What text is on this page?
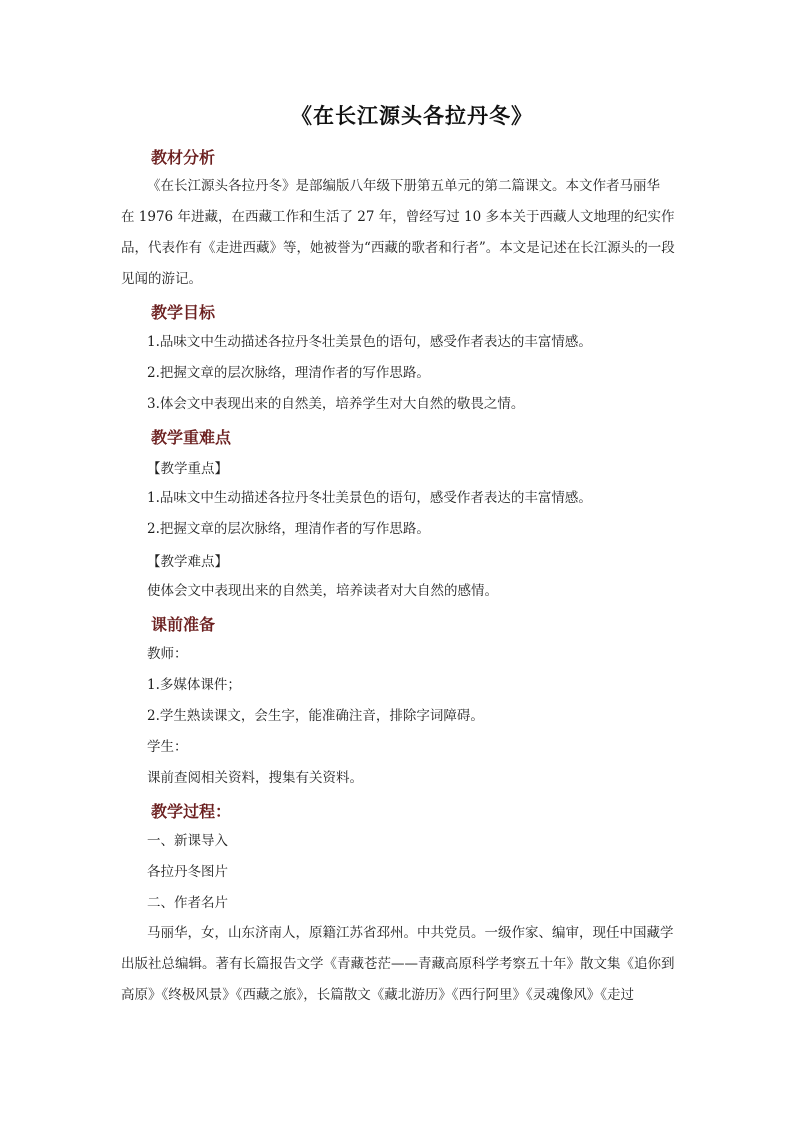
《在长江源头各拉丹冬》
教材分析
《在长江源头各拉丹冬》是部编版八年级下册第五单元的第二篇课文。本文作者马丽华 在 1976 年进藏，在西藏工作和生活了 27 年，曾经写过 10 多本关于西藏人文地理的纪实作品，代表作有《走进西藏》等，她被誉为“西藏的歌者和行者”。本文是记述在长江源头的一段见闻的游记。
教学目标
1.品味文中生动描述各拉丹冬壮美景色的语句，感受作者表达的丰富情感。
2.把握文章的层次脉络，理清作者的写作思路。
3.体会文中表现出来的自然美，培养学生对大自然的敬畏之情。
教学重难点
【教学重点】
1.品味文中生动描述各拉丹冬壮美景色的语句，感受作者表达的丰富情感。
2.把握文章的层次脉络，理清作者的写作思路。
【教学难点】
使体会文中表现出来的自然美，培养读者对大自然的感情。
课前准备
教师：
1.多媒体课件；
2.学生熟读课文，会生字，能准确注音，排除字词障碍。
学生：
课前查阅相关资料，搜集有关资料。
教学过程：
一、新课导入
各拉丹冬图片
二、作者名片
马丽华，女，山东济南人，原籍江苏省邳州。中共党员。一级作家、编审，现任中国藏学出版社总编辑。著有长篇报告文学《青藏苍茫——青藏高原科学考察五十年》散文集《追你到高原》《终极风景》《西藏之旅》，长篇散文《藏北游历》《西行阿里》《灵魂像风》《走过
